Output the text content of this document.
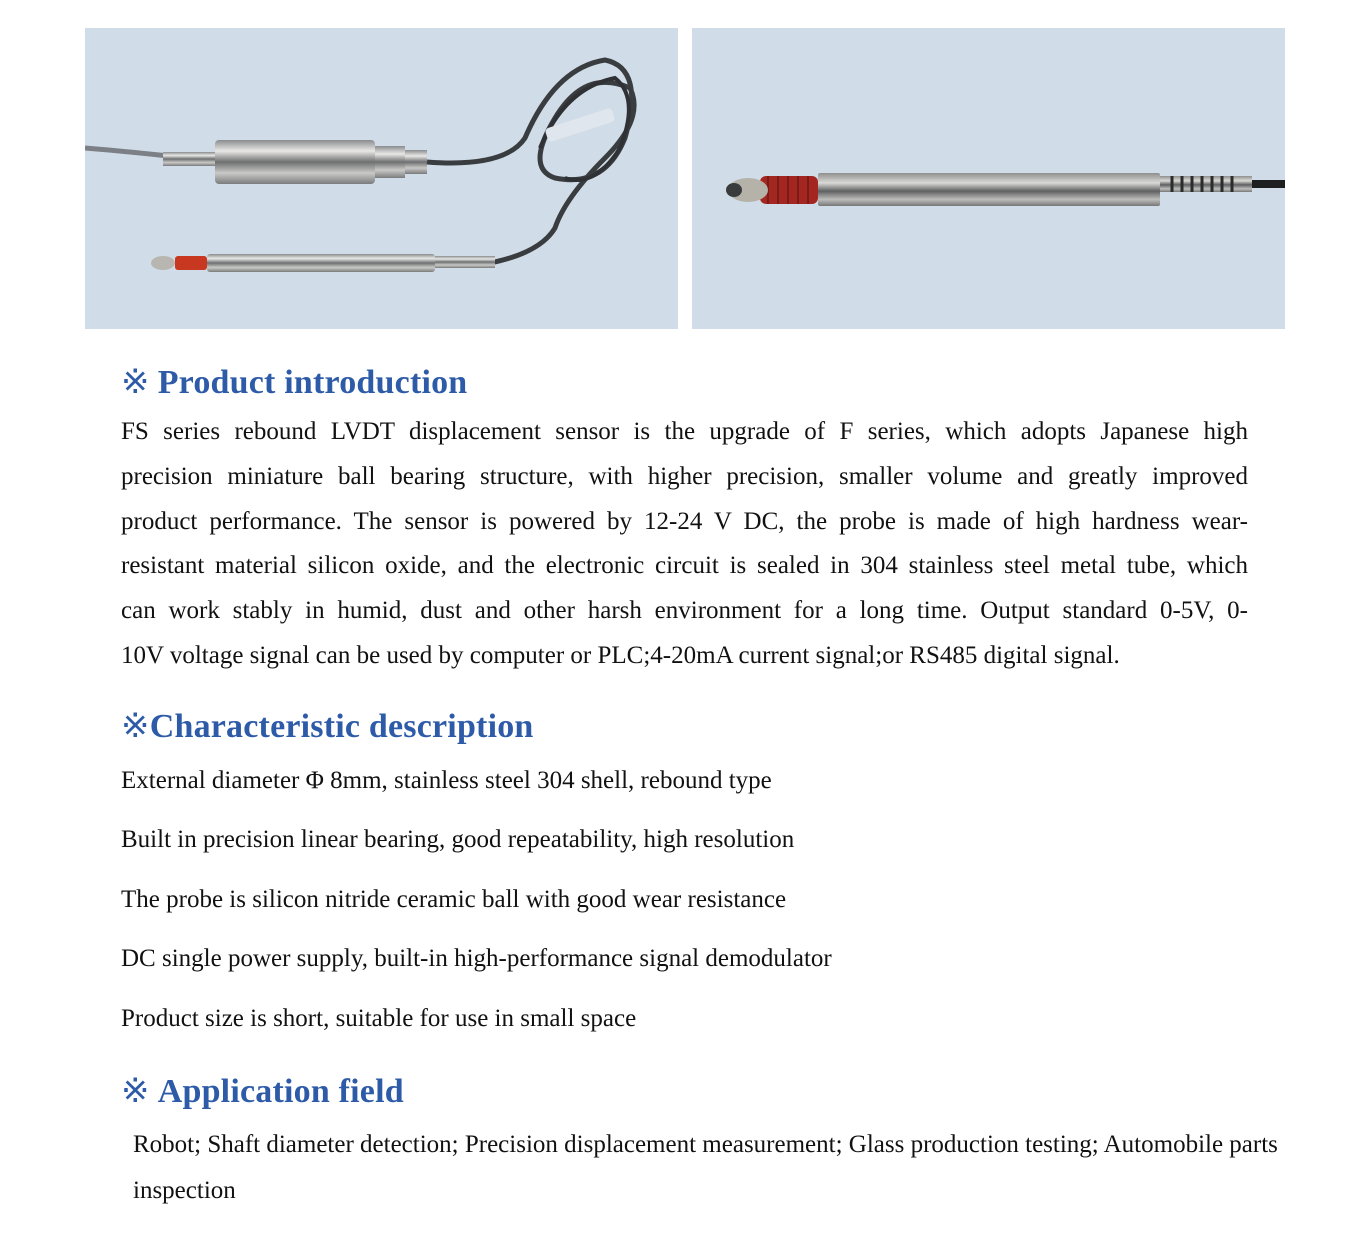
※ Product introduction
FS series rebound LVDT displacement sensor is the upgrade of F series, which adopts Japanese high
precision miniature ball bearing structure, with higher precision, smaller volume and greatly improved
product performance. The sensor is powered by 12-24 V DC, the probe is made of high hardness wear-
resistant material silicon oxide, and the electronic circuit is sealed in 304 stainless steel metal tube, which
can work stably in humid, dust and other harsh environment for a long time. Output standard 0-5V, 0-
10V voltage signal can be used by computer or PLC;4-20mA current signal;or RS485 digital signal.
※Characteristic description

External diameter Φ 8mm, stainless steel 304 shell, rebound type

Built in precision linear bearing, good repeatability, high resolution

The probe is silicon nitride ceramic ball with good wear resistance

DC single power supply, built-in high-performance signal demodulator

Product size is short, suitable for use in small space

※ Application field

Robot; Shaft diameter detection; Precision displacement measurement; Glass production testing; Automobile parts inspection
